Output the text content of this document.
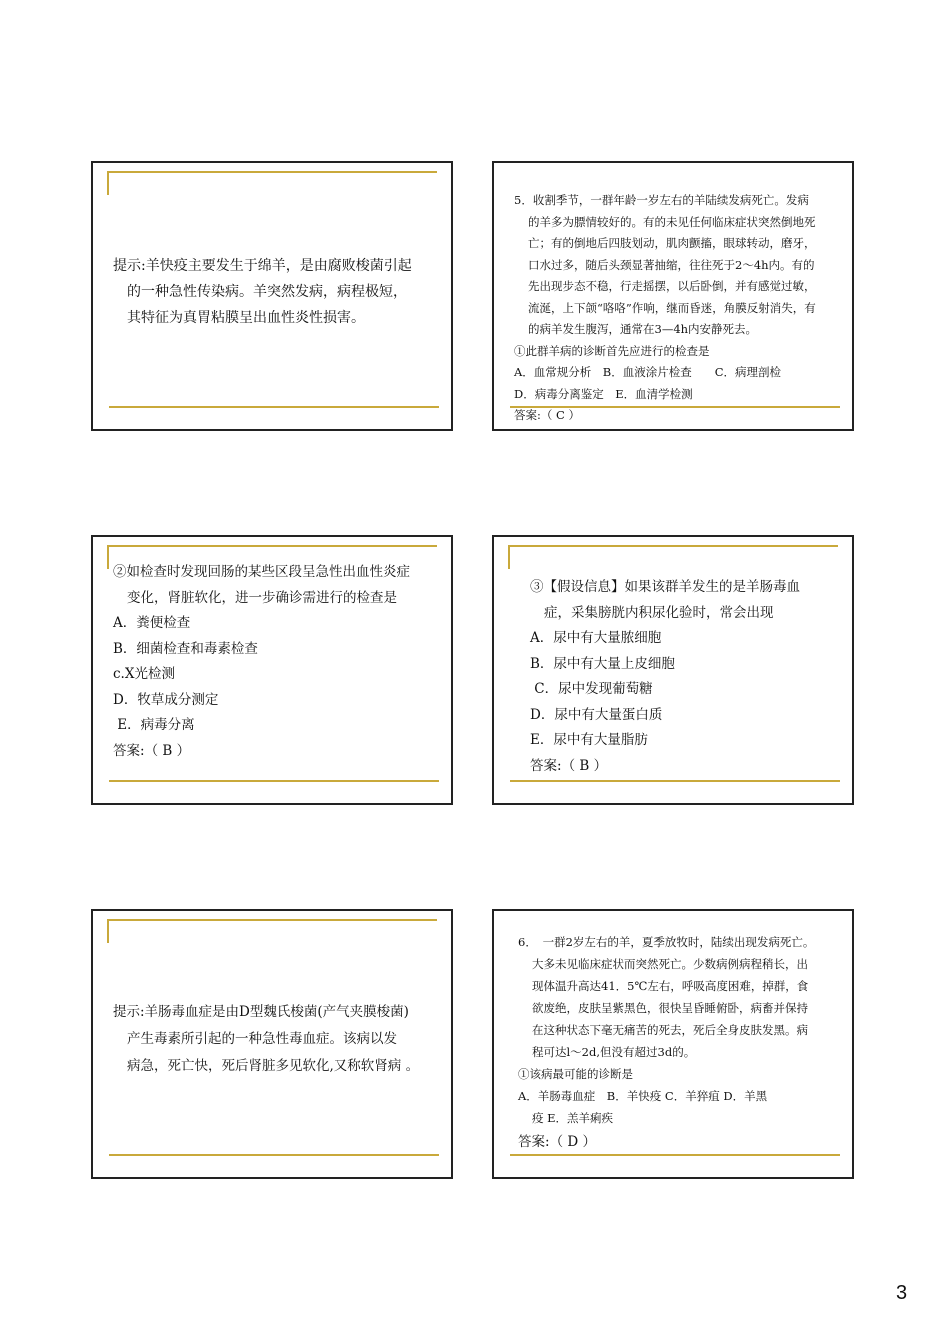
提示:羊快疫主要发生于绵羊，是由腐败梭菌引起
的一种急性传染病。羊突然发病，病程极短，
其特征为真胃粘膜呈出血性炎性损害。
5．收割季节，一群年龄一岁左右的羊陆续发病死亡。发病
的羊多为膘情较好的。有的未见任何临床症状突然倒地死
亡；有的倒地后四肢划动，肌肉颤搐，眼球转动，磨牙，
口水过多，随后头颈显著抽缩，往往死于2～4h内。有的
先出现步态不稳，行走摇摆，以后卧倒，并有感觉过敏，
流涎，上下颌“咯咯”作响，继而昏迷，角膜反射消失，有
的病羊发生腹泻，通常在3—4h内安静死去。
①此群羊病的诊断首先应进行的检查是
A．血常规分析　B．血液涂片检查　　C．病理剖检
D．病毒分离鉴定　E．血清学检测
答案:（ C ）
②如检查时发现回肠的某些区段呈急性出血性炎症
变化，肾脏软化，进一步确诊需进行的检查是
A．粪便检查
B．细菌检查和毒素检查
c.X光检测
D．牧草成分测定
E．病毒分离
答案:（ B ）
③【假设信息】如果该群羊发生的是羊肠毒血
症，采集膀胱内积尿化验时，常会出现
A．尿中有大量脓细胞
B．尿中有大量上皮细胞
C．尿中发现葡萄糖
D．尿中有大量蛋白质
E．尿中有大量脂肪
答案:（ B ）
提示:羊肠毒血症是由D型魏氏梭菌(产气夹膜梭菌)
产生毒素所引起的一种急性毒血症。该病以发
病急，死亡快，死后肾脏多见软化,又称软肾病 。
6．　一群2岁左右的羊，夏季放牧时，陆续出现发病死亡。
大多未见临床症状而突然死亡。少数病例病程稍长，出
现体温升高达41．5℃左右，呼吸高度困难，掉群，食
欲废绝，皮肤呈紫黑色，很快呈昏睡俯卧，病畜并保持
在这种状态下毫无痛苦的死去，死后全身皮肤发黑。病
程可达l～2d,但没有超过3d的。
①该病最可能的诊断是
A．羊肠毒血症　B．羊快疫 C．羊猝疽 D．羊黑
疫 E．羔羊痢疾
答案:（ D ）
3
